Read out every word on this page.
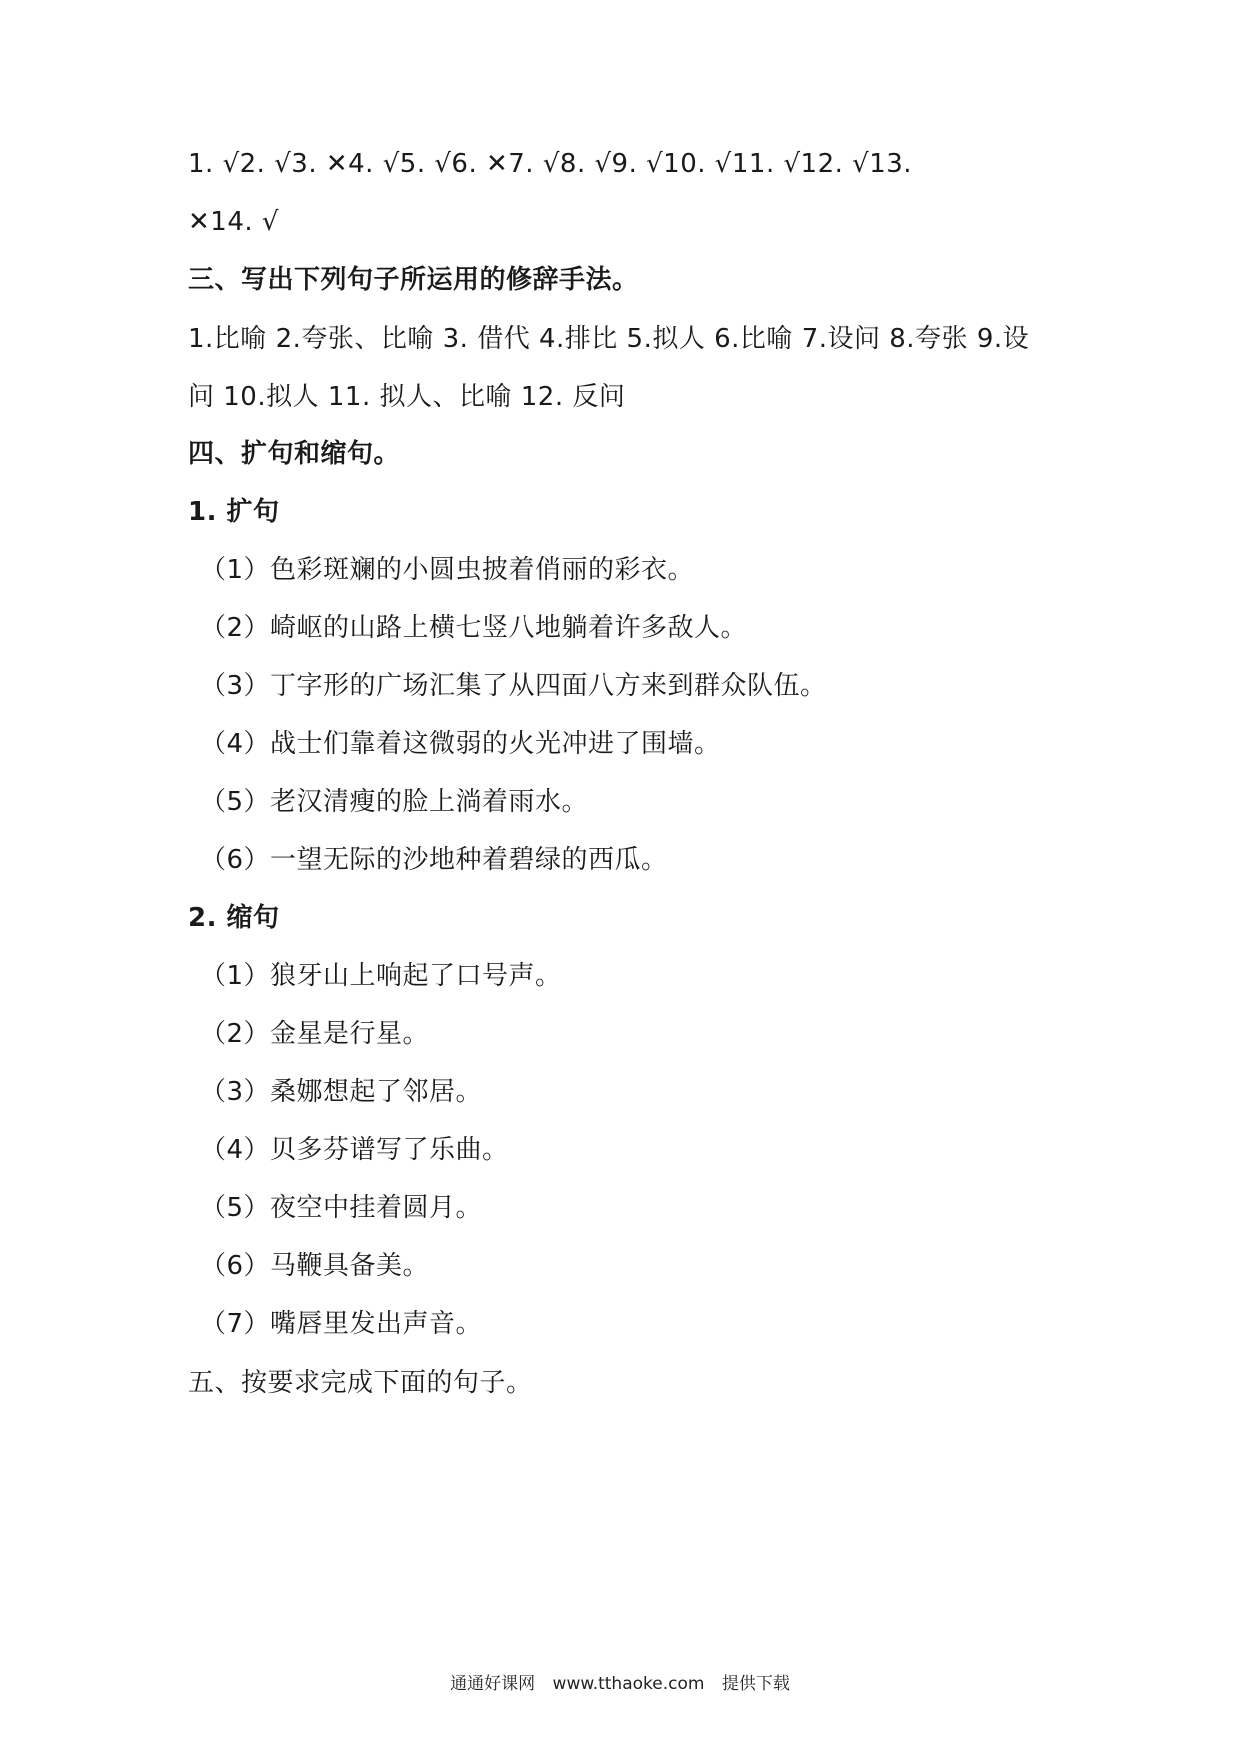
1. √2. √3. ✕4. √5. √6. ✕7. √8. √9. √10. √11. √12. √13.
✕14. √
三、写出下列句子所运用的修辞手法。
1.比喻 2.夸张、比喻 3. 借代 4.排比 5.拟人 6.比喻 7.设问 8.夸张 9.设
问 10.拟人 11. 拟人、比喻 12. 反问
四、扩句和缩句。
1. 扩句
（1）色彩斑斓的小圆虫披着俏丽的彩衣。
（2）崎岖的山路上横七竖八地躺着许多敌人。
（3）丁字形的广场汇集了从四面八方来到群众队伍。
（4）战士们靠着这微弱的火光冲进了围墙。
（5）老汉清瘦的脸上淌着雨水。
（6）一望无际的沙地种着碧绿的西瓜。
2. 缩句
（1）狼牙山上响起了口号声。
（2）金星是行星。
（3）桑娜想起了邻居。
（4）贝多芬谱写了乐曲。
（5）夜空中挂着圆月。
（6）马鞭具备美。
（7）嘴唇里发出声音。
五、按要求完成下面的句子。
通通好课网 www.tthaoke.com 提供下载
